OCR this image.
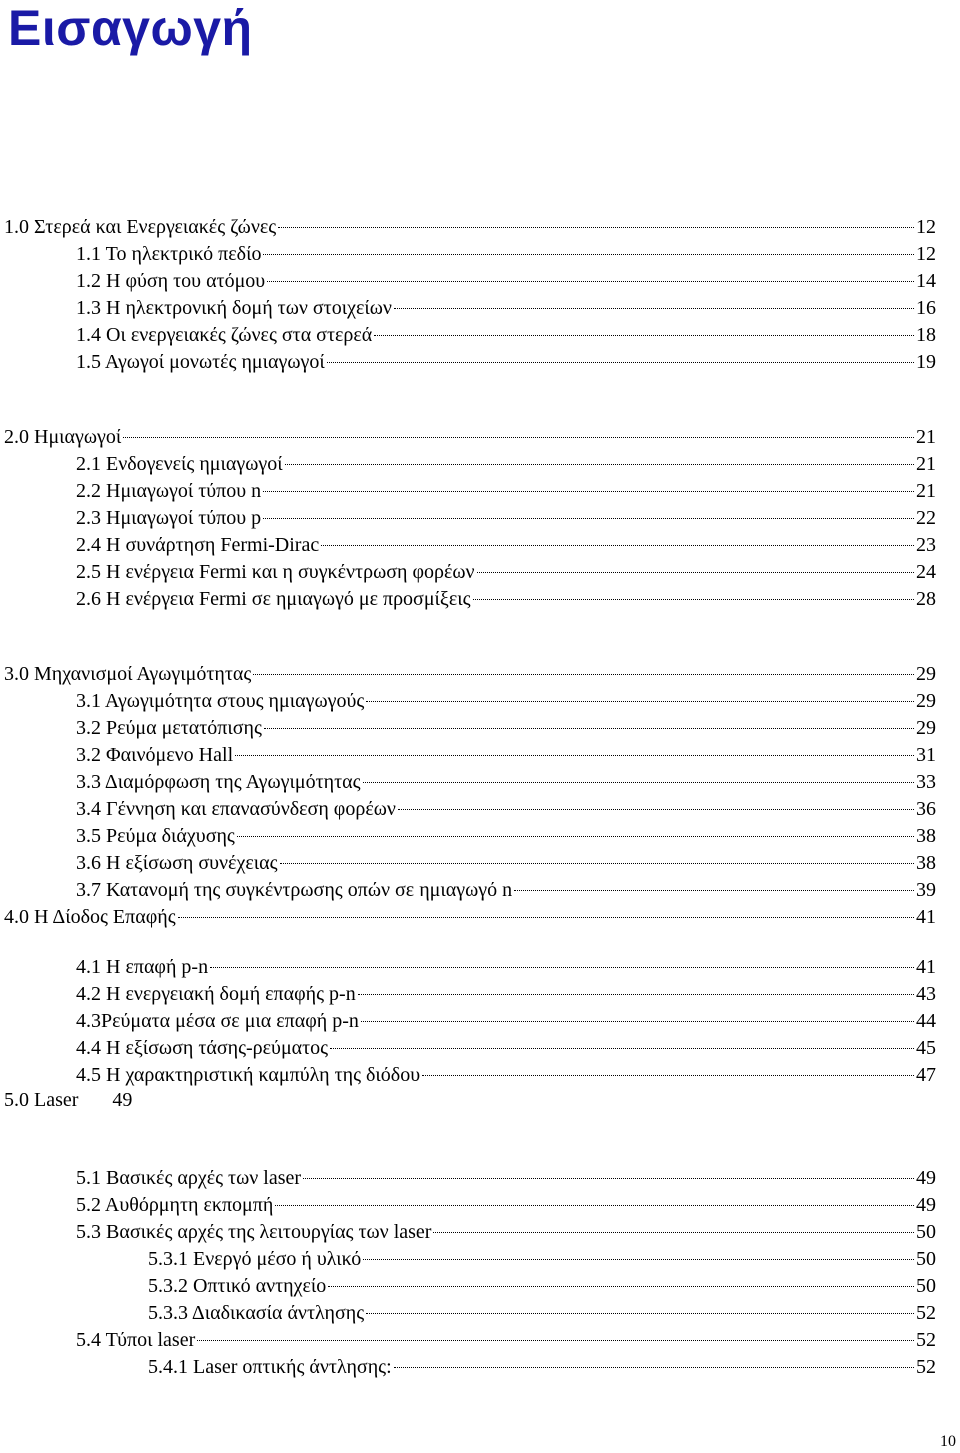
Εισαγωγή
1.0 Στερεά και Ενεργειακές ζώνες	12
1.1 Το ηλεκτρικό πεδίο	12
1.2 Η φύση του ατόμου	14
1.3 Η ηλεκτρονική δομή των στοιχείων	16
1.4 Οι ενεργειακές ζώνες στα στερεά	18
1.5 Αγωγοί μονωτές ημιαγωγοί	19
2.0 Ημιαγωγοί	21
2.1 Ενδογενείς ημιαγωγοί	21
2.2 Ημιαγωγοί τύπου n	21
2.3 Ημιαγωγοί τύπου p	22
2.4 Η συνάρτηση Fermi-Dirac	23
2.5 Η ενέργεια Fermi και η συγκέντρωση φορέων	24
2.6 Η ενέργεια Fermi σε ημιαγωγό με προσμίξεις	28
3.0 Μηχανισμοί Αγωγιμότητας	29
3.1 Αγωγιμότητα στους ημιαγωγούς	29
3.2 Ρεύμα μετατόπισης	29
3.2 Φαινόμενο Hall	31
3.3 Διαμόρφωση της Αγωγιμότητας	33
3.4 Γέννηση και επανασύνδεση φορέων	36
3.5 Ρεύμα διάχυσης	38
3.6 Η εξίσωση συνέχειας	38
3.7 Κατανομή της συγκέντρωσης οπών σε ημιαγωγό n	39
4.0 Η Δίοδος Επαφής	41
4.1 Η επαφή p-n	41
4.2 Η ενεργειακή δομή επαφής p-n	43
4.3Ρεύματα μέσα σε μια επαφή p-n	44
4.4 Η εξίσωση τάσης-ρεύματος	45
4.5 Η χαρακτηριστική καμπύλη της διόδου	47
5.0 Laser 49
5.1 Βασικές αρχές των laser	49
5.2 Αυθόρμητη εκπομπή	49
5.3 Βασικές αρχές της λειτουργίας των laser	50
5.3.1 Ενεργό μέσο ή υλικό	50
5.3.2 Οπτικό αντηχείο	50
5.3.3 Διαδικασία άντλησης	52
5.4 Τύποι laser	52
5.4.1 Laser οπτικής άντλησης:	52
10
